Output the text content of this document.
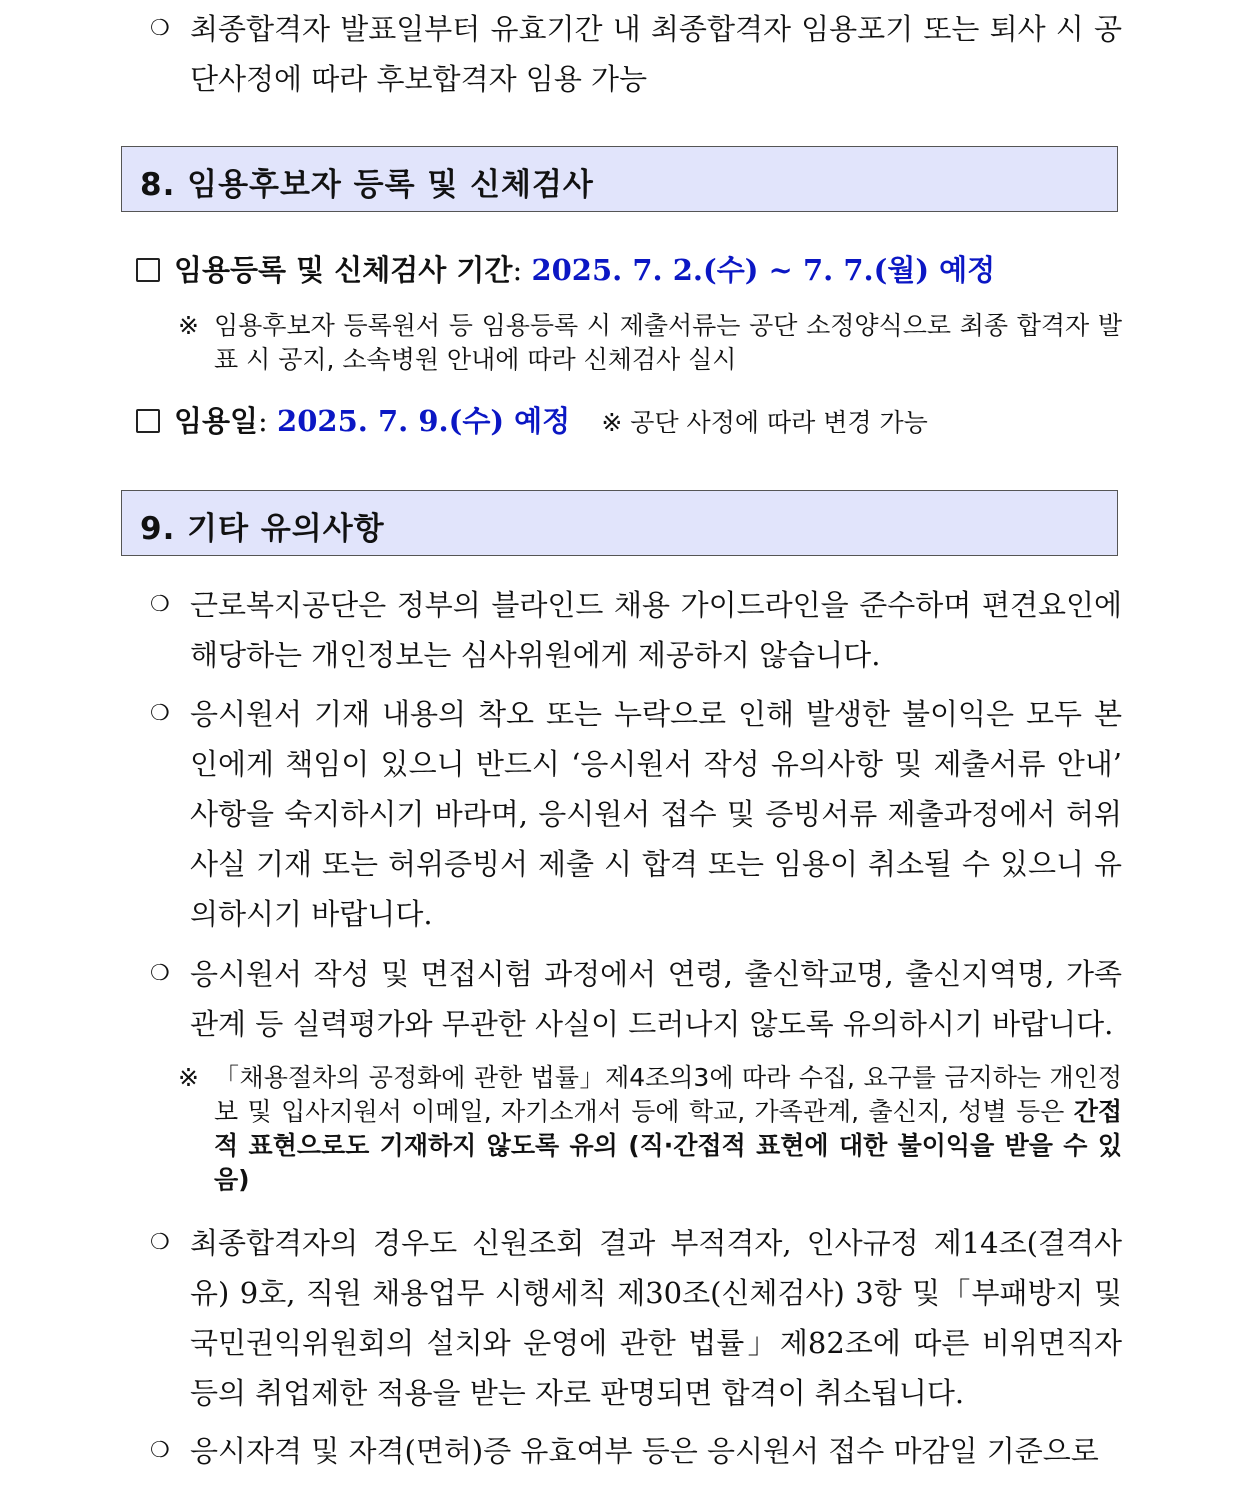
❍ 최종합격자 발표일부터 유효기간 내 최종합격자 임용포기 또는 퇴사 시 공단사정에 따라 후보합격자 임용 가능
8. 임용후보자 등록 및 신체검사
임용등록 및 신체검사 기간: 2025. 7. 2.(수) ~ 7. 7.(월) 예정
※ 임용후보자 등록원서 등 임용등록 시 제출서류는 공단 소정양식으로 최종 합격자 발표 시 공지, 소속병원 안내에 따라 신체검사 실시
임용일: 2025. 7. 9.(수) 예정 ※ 공단 사정에 따라 변경 가능
9. 기타 유의사항
❍ 근로복지공단은 정부의 블라인드 채용 가이드라인을 준수하며 편견요인에 해당하는 개인정보는 심사위원에게 제공하지 않습니다.
❍ 응시원서 기재 내용의 착오 또는 누락으로 인해 발생한 불이익은 모두 본인에게 책임이 있으니 반드시 ‘응시원서 작성 유의사항 및 제출서류 안내’ 사항을 숙지하시기 바라며, 응시원서 접수 및 증빙서류 제출과정에서 허위사실 기재 또는 허위증빙서 제출 시 합격 또는 임용이 취소될 수 있으니 유의하시기 바랍니다.
❍ 응시원서 작성 및 면접시험 과정에서 연령, 출신학교명, 출신지역명, 가족관계 등 실력평가와 무관한 사실이 드러나지 않도록 유의하시기 바랍니다.
※ 「채용절차의 공정화에 관한 법률」제4조의3에 따라 수집, 요구를 금지하는 개인정보 및 입사지원서 이메일, 자기소개서 등에 학교, 가족관계, 출신지, 성별 등은 간접적 표현으로도 기재하지 않도록 유의 (직·간접적 표현에 대한 불이익을 받을 수 있음)
❍ 최종합격자의 경우도 신원조회 결과 부적격자, 인사규정 제14조(결격사유) 9호, 직원 채용업무 시행세칙 제30조(신체검사) 3항 및「부패방지 및 국민권익위원회의 설치와 운영에 관한 법률」제82조에 따른 비위면직자 등의 취업제한 적용을 받는 자로 판명되면 합격이 취소됩니다.
❍ 응시자격 및 자격(면허)증 유효여부 등은 응시원서 접수 마감일 기준으로
